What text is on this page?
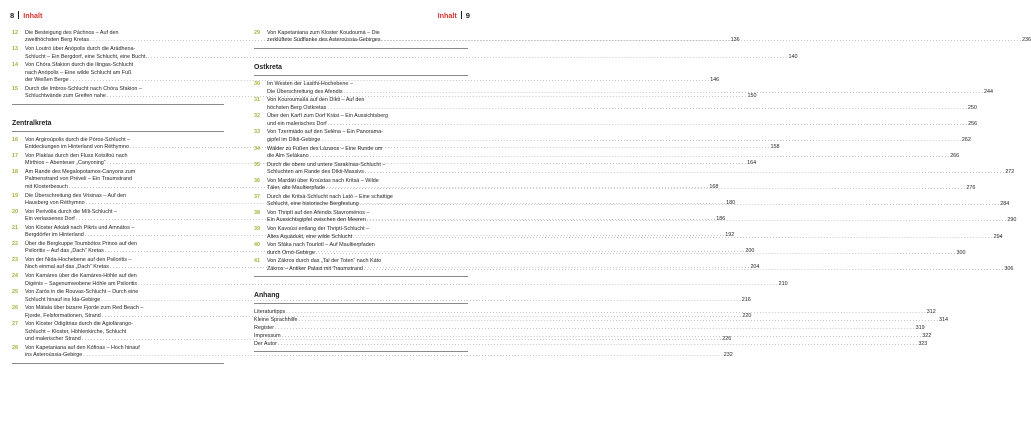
8 Inhalt	Inhalt 9
12	Die Besteigung des Páchnos – Auf den
zweithöchsten Berg Kretas . . .	136
13	Von Loutró über Anópolis durch die Arádhena-
Schlucht – Ein Bergdorf, eine Schlucht, eine Bucht. . . .	140
14	Von Chóra Sfakion durch die Ilingas-Schlucht
nach Anópolis – Eine wilde Schlucht am Fuß
der Weißen Berge . . .	146
15	Durch die Imbros-Schlucht nach Chóra Sfakion –
Schluchtwände zum Greifen nahe . . .	150
Zentralkreta
16	Von Argiroúpolis durch die Póros-Schlucht –
Entdeckungen im Hinterland von Réthymno . . .	158
17	Von Plakías durch den Fluss Kotsifoú nach
Mírthios – Abenteuer „Canyoning“ . . .	164
18	Am Rande des Megalopotamos-Canyons zum
Palmenstrand von Préveli – Ein Traumstrand
mit Klosterbesuch . . .	168
19	Die Überschreitung des Vrisinas – Auf den
Hausberg von Réthymno . . .	180
20	Von Perivólia durch die Míli-Schlucht –
Ein verlassenes Dorf . . .	186
21	Von Kloster Arkádi nach Pikris und Amnátos –
Bergdörfer im Hinterland . . .	192
22	Über die Bergkuppe Toumbótos Prinos auf den
Psiloritis – Auf das „Dach“ Kretas . . .	200
23	Von der Nída-Hochebene auf den Psiloritis –
Noch einmal auf das „Dach“ Kretas . . .	204
24	Von Kamáres über die Kamáres-Höhle auf den
Digénis – Sagenumwobene Höhle am Psiloritis . . .	210
25	Von Zarós in die Rouvas-Schlucht – Durch eine
Schlucht hinauf ins Ída-Gebirge . . .	216
26	Von Mátala über bizarre Fjorde zum Red Beach –
Fjorde, Felsformationen, Strand . . .	220
27	Von Kloster Odigítrias durch die Agiofárango-
Schlucht – Kloster, Höhlenkirche, Schlucht
und malerischer Strand . . .	226
28	Von Kapetaniana auf den Kófinas – Hoch hinauf
ins Asteroússia-Gebirge . . .	232
29	Von Kapetaniana zum Kloster Koudoumá – Die
zerklüftete Südflanke des Asteroússia-Gebirges . . .	236
Ostkreta
30	Im Westen der Lasithi-Hochebene –
Die Überschreitung des Afendis . . .	244
31	Von Kouroumaïlá auf den Díkti – Auf den
höchsten Berg Ostkretas . . .	250
32	Über den Karfí zum Dorf Krási – Ein Aussichtsberg
und ein malerisches Dorf . . .	256
33	Von Tzermiádo auf den Seléna – Ein Panorama-
gipfel im Díkti-Gebirge . . .	262
34	Wälder zu Füßen des Lázaros – Eine Runde um
die Alm Selákano . . .	266
35	Durch die obere und untere Sarakínas-Schlucht –
Schluchten am Rande des Díkti-Massivs . . .	272
36	Von Mardáti über Kroústas nach Kritsá – Wilde
Täler, alte Maultierpfade . . .	276
37	Durch die Kritsá-Schlucht nach Lató – Eine schattige
Schlucht, eine historische Bergfestung . . .	284
38	Von Thriptí auf den Afendis Stavroménos –
Ein Aussichtsgipfel zwischen den Meeren . . .	290
39	Von Kavoúsi entlang der Thriptí-Schlucht –
Altes Aquädukt, eine wilde Schlucht . . .	294
40	Von Sfáka nach Tourlotí – Auf Maultierpfaden
durch Ornó-Gebirge . . .	300
41	Von Zákros durch das „Tal der Toten“ nach Káto
Zákros – Antiker Palast mit Traumstrand . . .	306
Anhang
Literaturtipps . . .	312
Kleine Sprachhilfe . . .	314
Register . . .	319
Impressum . . .	322
Der Autor . . .	323
